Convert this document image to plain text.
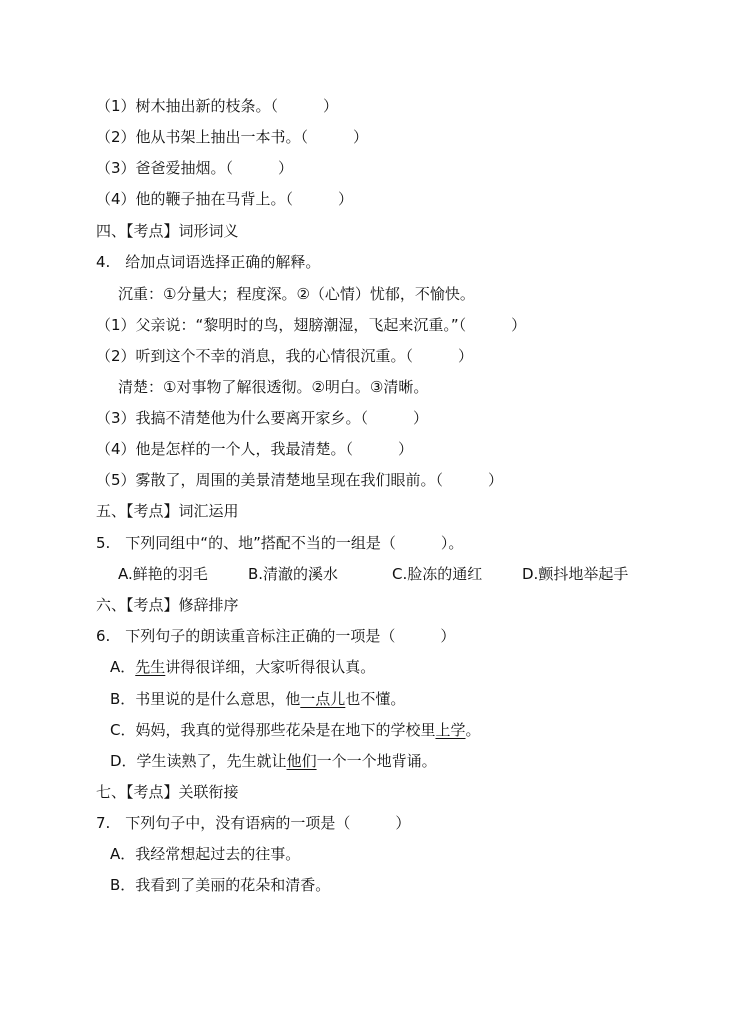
（1）树木抽出新的枝条。（　　　）
（2）他从书架上抽出一本书。（　　　）
（3）爸爸爱抽烟。（　　　）
（4）他的鞭子抽在马背上。（　　　）
四、【考点】词形词义
4.　给加点词语选择正确的解释。
沉重：①分量大；程度深。②（心情）忧郁，不愉快。
（1）父亲说：“黎明时的鸟，翅膀潮湿，飞起来沉重。”（　　　）
（2）听到这个不幸的消息，我的心情很沉重。（　　　）
清楚：①对事物了解很透彻。②明白。③清晰。
（3）我搞不清楚他为什么要离开家乡。（　　　）
（4）他是怎样的一个人，我最清楚。（　　　）
（5）雾散了，周围的美景清楚地呈现在我们眼前。（　　　）
五、【考点】词汇运用
5.　下列同组中“的、地”搭配不当的一组是（　　　）。
A.鲜艳的羽毛	B.清澈的溪水	C.脸冻的通红	D.颤抖地举起手
六、【考点】修辞排序
6.　下列句子的朗读重音标注正确的一项是（　　　）
A．先生讲得很详细，大家听得很认真。
B．书里说的是什么意思，他一点儿也不懂。
C．妈妈，我真的觉得那些花朵是在地下的学校里上学。
D．学生读熟了，先生就让他们一个一个地背诵。
七、【考点】关联衔接
7.　下列句子中，没有语病的一项是（　　　）
A．我经常想起过去的往事。
B．我看到了美丽的花朵和清香。
